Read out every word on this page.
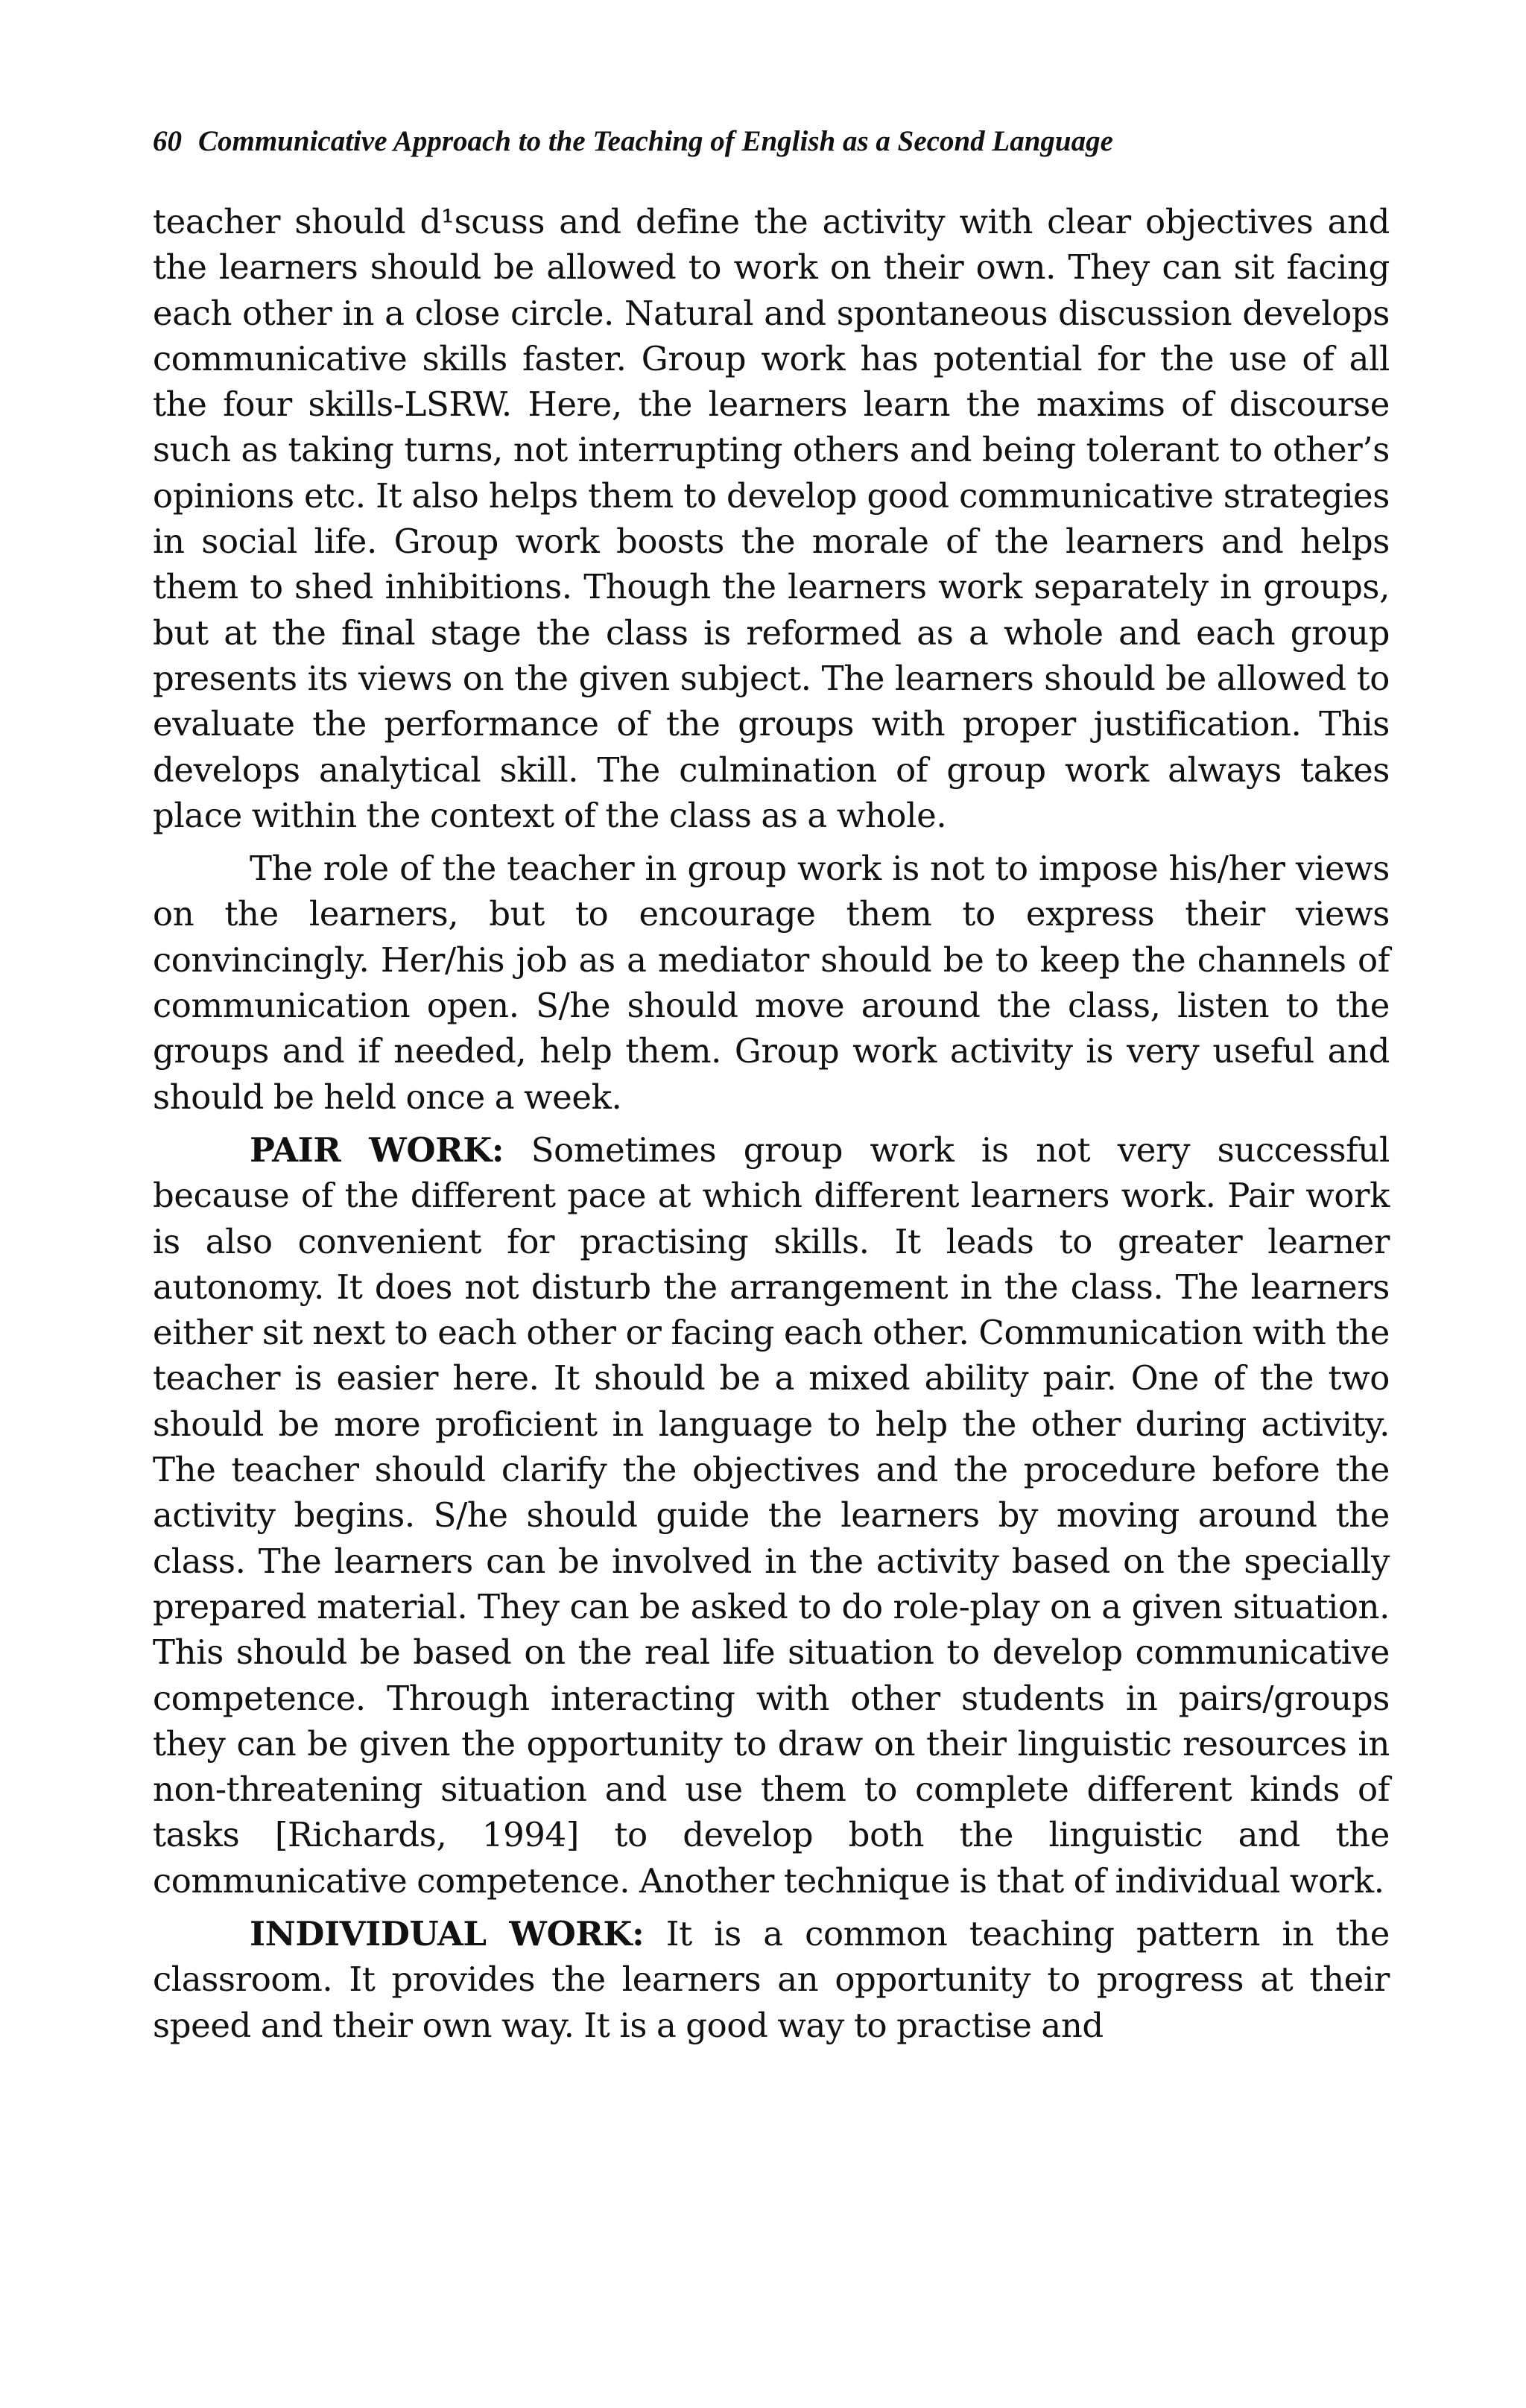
60 Communicative Approach to the Teaching of English as a Second Language

teacher should d¹scuss and define the activity with clear objectives and the learners should be allowed to work on their own. They can sit facing each other in a close circle. Natural and spontaneous discussion develops communicative skills faster. Group work has potential for the use of all the four skills-LSRW. Here, the learners learn the maxims of discourse such as taking turns, not interrupting others and being tolerant to other’s opinions etc. It also helps them to develop good communicative strategies in social life. Group work boosts the morale of the learners and helps them to shed inhibitions. Though the learners work separately in groups, but at the final stage the class is reformed as a whole and each group presents its views on the given subject. The learners should be allowed to evaluate the performance of the groups with proper justification. This develops analytical skill. The culmination of group work always takes place within the context of the class as a whole.

The role of the teacher in group work is not to impose his/her views on the learners, but to encourage them to express their views convincingly. Her/his job as a mediator should be to keep the channels of communication open. S/he should move around the class, listen to the groups and if needed, help them. Group work activity is very useful and should be held once a week.

PAIR WORK: Sometimes group work is not very successful because of the different pace at which different learners work. Pair work is also convenient for practising skills. It leads to greater learner autonomy. It does not disturb the arrangement in the class. The learners either sit next to each other or facing each other. Communication with the teacher is easier here. It should be a mixed ability pair. One of the two should be more proficient in language to help the other during activity. The teacher should clarify the objectives and the procedure before the activity begins. S/he should guide the learners by moving around the class. The learners can be involved in the activity based on the specially prepared material. They can be asked to do role-play on a given situation. This should be based on the real life situation to develop communicative competence. Through interacting with other students in pairs/groups they can be given the opportunity to draw on their linguistic resources in non-threatening situation and use them to complete different kinds of tasks [Richards, 1994] to develop both the linguistic and the communicative competence. Another technique is that of individual work.

INDIVIDUAL WORK: It is a common teaching pattern in the classroom. It provides the learners an opportunity to progress at their speed and their own way. It is a good way to practise and
